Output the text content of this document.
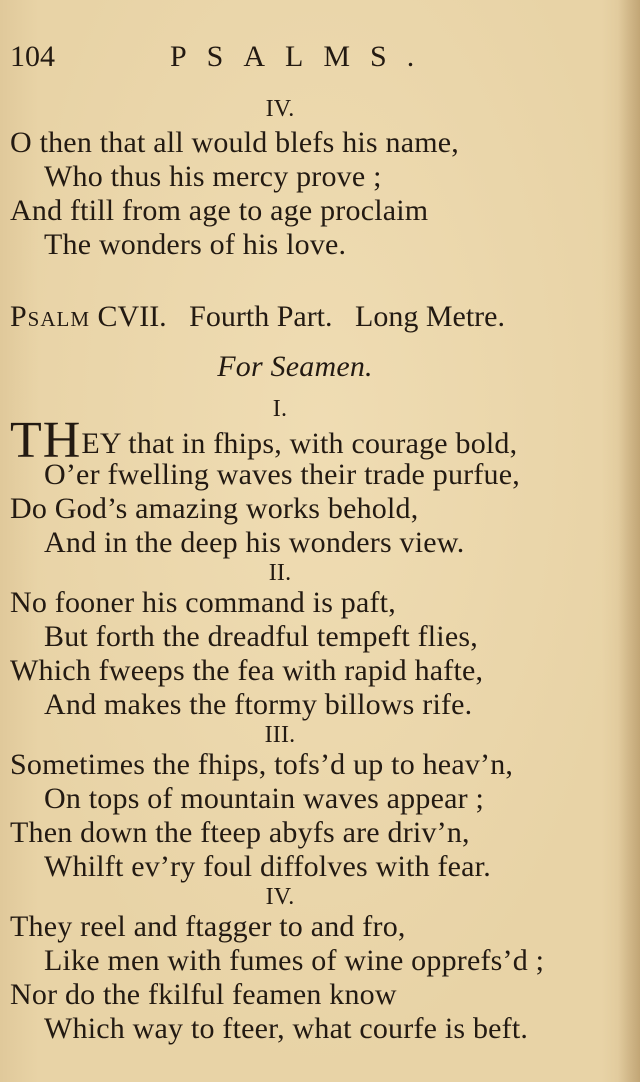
104	PSALMS.
IV.
O then that all would blefs his name,
Who thus his mercy prove ;
And ftill from age to age proclaim
The wonders of his love.
Psalm CVII.   Fourth Part.   Long Metre.
For Seamen.
I.
THEY that in fhips, with courage bold,
O’er fwelling waves their trade purfue,
Do God’s amazing works behold,
And in the deep his wonders view.
II.
No fooner his command is paft,
But forth the dreadful tempeft flies,
Which fweeps the fea with rapid hafte,
And makes the ftormy billows rife.
III.
Sometimes the fhips, tofs’d up to heav’n,
On tops of mountain waves appear ;
Then down the fteep abyfs are driv’n,
Whilft ev’ry foul diffolves with fear.
IV.
They reel and ftagger to and fro,
Like men with fumes of wine opprefs’d ;
Nor do the fkilful feamen know
Which way to fteer, what courfe is beft.
